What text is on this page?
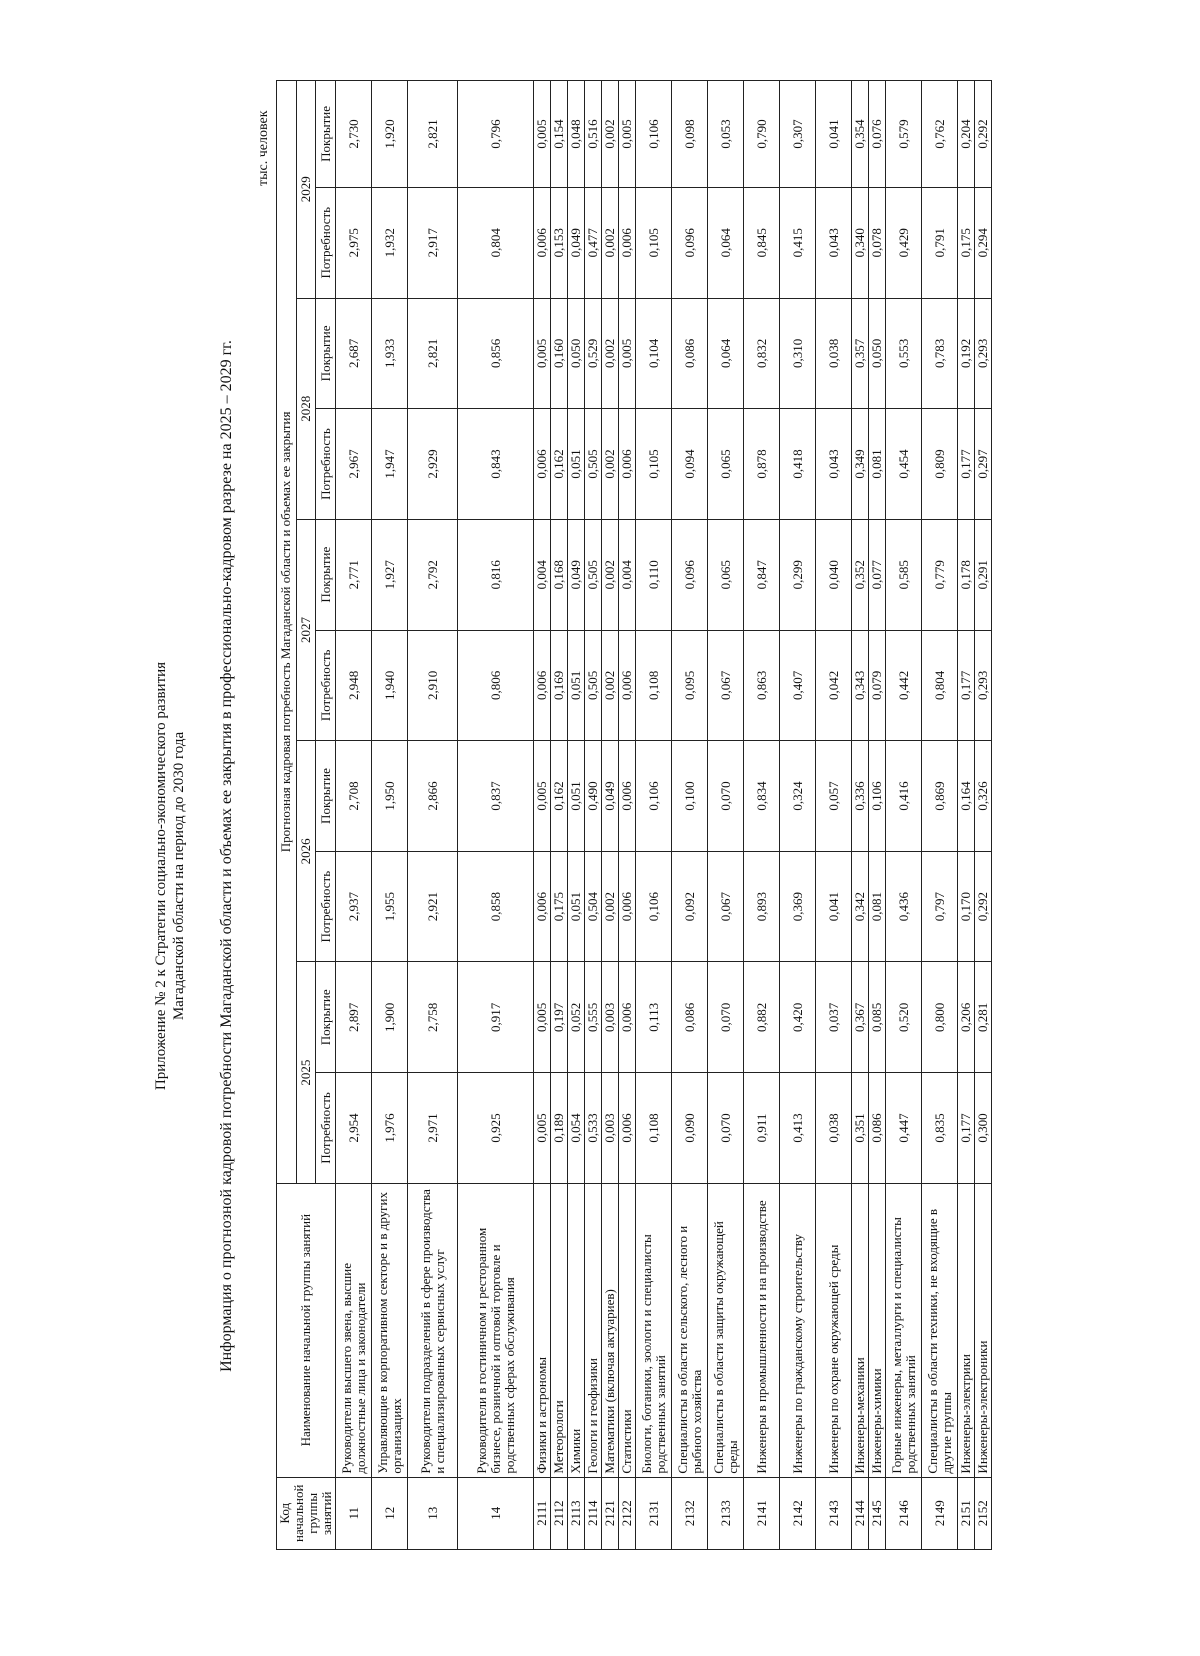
Приложение № 2 к Стратегии социально-экономического развития Магаданской области на период до 2030 года Информация о прогнозной кадровой потребности Магаданской области и объемах ее закрытия в профессионально-кадровом разрезе на 2025 – 2029 гг.
тыс. человек
Код начальной группы занятий	Наименование начальной группы занятий	Прогнозная кадровая потребность Магаданской области и объемах ее закрытия									
		2025		2026		2027		2028		2029	
		Потребность	Покрытие	Потребность	Покрытие	Потребность	Покрытие	Потребность	Покрытие	Потребность	Покрытие
11	Руководители высшего звена, высшие должностные лица и законодатели	2,954	2,897	2,937	2,708	2,948	2,771	2,967	2,687	2,975	2,730
12	Управляющие в корпоративном секторе и в других организациях	1,976	1,900	1,955	1,950	1,940	1,927	1,947	1,933	1,932	1,920
13	Руководители подразделений в сфере производства и специализированных сервисных услуг	2,971	2,758	2,921	2,866	2,910	2,792	2,929	2,821	2,917	2,821
14	Руководители в гостиничном и ресторанном бизнесе, розничной и оптовой торговле и родственных сферах обслуживания	0,925	0,917	0,858	0,837	0,806	0,816	0,843	0,856	0,804	0,796
2111	Физики и астрономы	0,005	0,005	0,006	0,005	0,006	0,004	0,006	0,005	0,006	0,005
2112	Метеорологи	0,189	0,197	0,175	0,162	0,169	0,168	0,162	0,160	0,153	0,154
2113	Химики	0,054	0,052	0,051	0,051	0,051	0,049	0,051	0,050	0,049	0,048
2114	Геологи и геофизики	0,533	0,555	0,504	0,490	0,505	0,505	0,505	0,529	0,477	0,516
2121	Математики (включая актуариев)	0,003	0,003	0,002	0,049	0,002	0,002	0,002	0,002	0,002	0,002
2122	Статистики	0,006	0,006	0,006	0,006	0,006	0,004	0,006	0,005	0,006	0,005
2131	Биологи, ботаники, зоологи и специалисты родственных занятий	0,108	0,113	0,106	0,106	0,108	0,110	0,105	0,104	0,105	0,106
2132	Специалисты в области сельского, лесного и рыбного хозяйства	0,090	0,086	0,092	0,100	0,095	0,096	0,094	0,086	0,096	0,098
2133	Специалисты в области защиты окружающей среды	0,070	0,070	0,067	0,070	0,067	0,065	0,065	0,064	0,064	0,053
2141	Инженеры в промышленности и на производстве	0,911	0,882	0,893	0,834	0,863	0,847	0,878	0,832	0,845	0,790
2142	Инженеры по гражданскому строительству	0,413	0,420	0,369	0,324	0,407	0,299	0,418	0,310	0,415	0,307
2143	Инженеры по охране окружающей среды	0,038	0,037	0,041	0,057	0,042	0,040	0,043	0,038	0,043	0,041
2144	Инженеры-механики	0,351	0,367	0,342	0,336	0,343	0,352	0,349	0,357	0,340	0,354
2145	Инженеры-химики	0,086	0,085	0,081	0,106	0,079	0,077	0,081	0,050	0,078	0,076
2146	Горные инженеры, металлурги и специалисты родственных занятий	0,447	0,520	0,436	0,416	0,442	0,585	0,454	0,553	0,429	0,579
2149	Специалисты в области техники, не входящие в другие группы	0,835	0,800	0,797	0,869	0,804	0,779	0,809	0,783	0,791	0,762
2151	Инженеры-электрики	0,177	0,206	0,170	0,164	0,177	0,178	0,177	0,192	0,175	0,204
2152	Инженеры-электроники	0,300	0,281	0,292	0,326	0,293	0,291	0,297	0,293	0,294	0,292
